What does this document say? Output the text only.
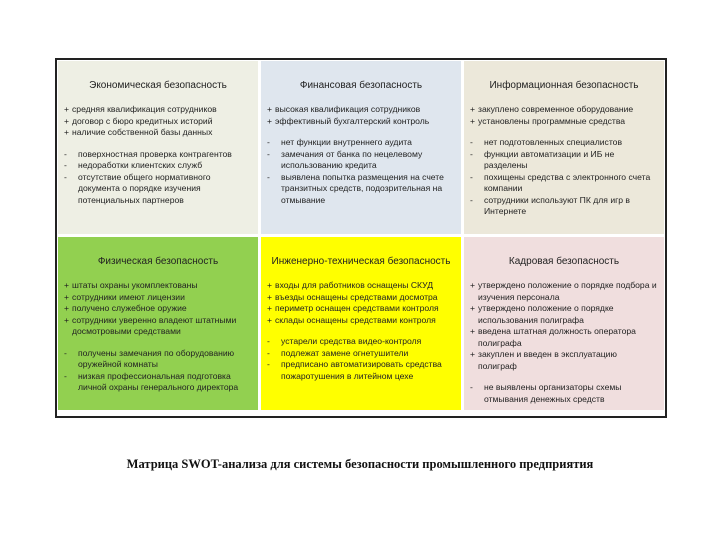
Экономическая безопасность
+ средняя квалификация сотрудников
+ договор с бюро кредитных историй
+ наличие собственной базы данных
-	поверхностная проверка контрагентов
-	недоработки клиентских служб
-	отсутствие общего нормативного документа о порядке изучения потенциальных партнеров
Финансовая безопасность
+ высокая квалификация сотрудников
+ эффективный бухгалтерский контроль
-	нет функции внутреннего аудита
-	замечания от банка по нецелевому использованию кредита
-	выявлена попытка размещения на счете транзитных средств, подозрительная на отмывание
Информационная безопасность
+ закуплено современное оборудование
+ установлены программные средства
-	нет подготовленных специалистов
-	функции автоматизации и ИБ не разделены
-	похищены средства с электронного счета компании
-	сотрудники используют ПК для игр в Интернете
Физическая безопасность
+ штаты охраны укомплектованы
+ сотрудники имеют лицензии
+ получено служебное оружие
+ сотрудники уверенно владеют штатными досмотровыми средствами
-	получены замечания по оборудованию оружейной комнаты
-	низкая профессиональная подготовка личной охраны генерального директора
Инженерно-техническая безопасность
+ входы для работников оснащены СКУД
+ въезды оснащены средствами досмотра
+ периметр оснащен средствами контроля
+ склады оснащены средствами контроля
-	устарели средства видео-контроля
-	подлежат замене огнетушители
-	предписано автоматизировать средства пожаротушения в литейном цехе
Кадровая безопасность
+ утверждено положение о порядке подбора и изучения персонала
+ утверждено положение о порядке использования полиграфа
+ введена штатная должность оператора полиграфа
+ закуплен и введен в эксплуатацию полиграф
-	не выявлены организаторы схемы отмывания денежных средств
Матрица SWOT-анализа для системы безопасности промышленного предприятия
